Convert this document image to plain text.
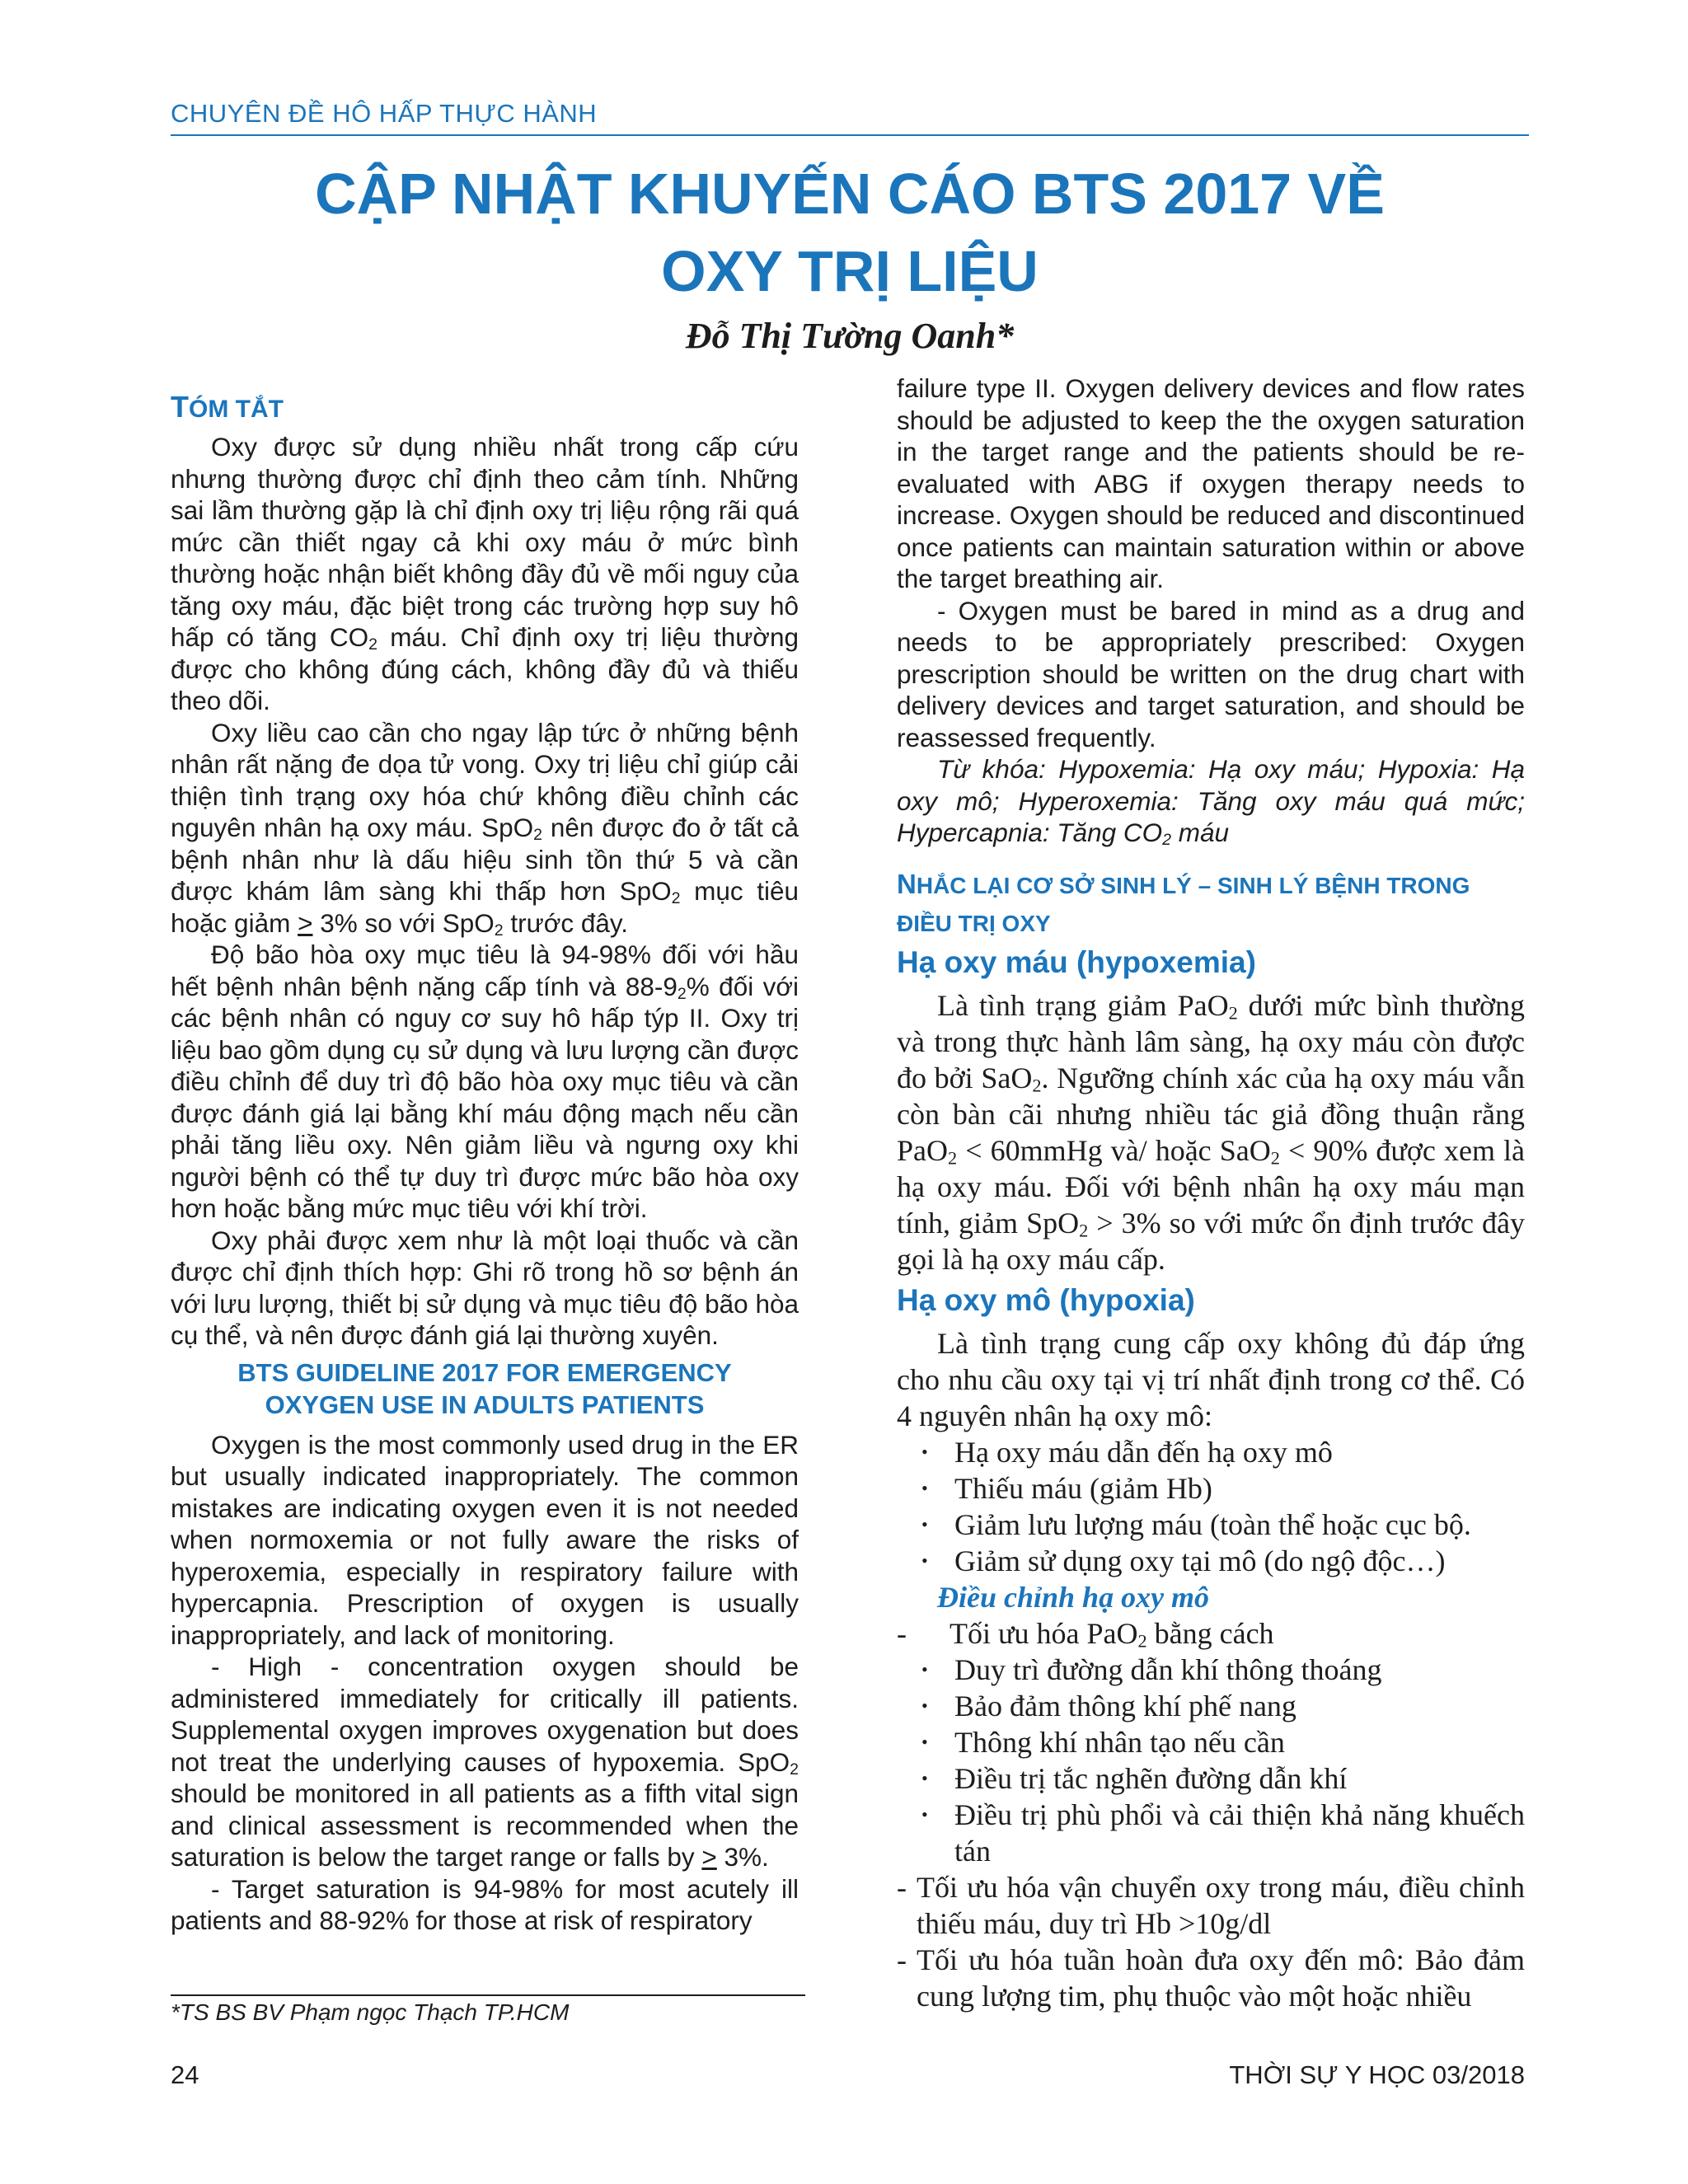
CHUYÊN ĐỀ HÔ HẤP THỰC HÀNH
CẬP NHẬT KHUYẾN CÁO BTS 2017 VỀ
OXY TRỊ LIỆU
Đỗ Thị Tường Oanh*
TÓM TẮT

Oxy được sử dụng nhiều nhất trong cấp cứu nhưng thường được chỉ định theo cảm tính. Những sai lầm thường gặp là chỉ định oxy trị liệu rộng rãi quá mức cần thiết ngay cả khi oxy máu ở mức bình thường hoặc nhận biết không đầy đủ về mối nguy của tăng oxy máu, đặc biệt trong các trường hợp suy hô hấp có tăng $CO_2$ máu. Chỉ định oxy trị liệu thường được cho không đúng cách, không đầy đủ và thiếu theo dõi.

Oxy liều cao cần cho ngay lập tức ở những bệnh nhân rất nặng đe dọa tử vong. Oxy trị liệu chỉ giúp cải thiện tình trạng oxy hóa chứ không điều chỉnh các nguyên nhân hạ oxy máu. SpO$_2$ nên được đo ở tất cả bệnh nhân như là dấu hiệu sinh tồn thứ 5 và cần được khám lâm sàng khi thấp hơn SpO$_2$ mục tiêu hoặc giảm ≥ 3% so với SpO$_2$ trước đây.

Độ bão hòa oxy mục tiêu là 94-98% đối với hầu hết bệnh nhân bệnh nặng cấp tính và $88-9_2\%$ đối với các bệnh nhân có nguy cơ suy hô hấp týp II. Oxy trị liệu bao gồm dụng cụ sử dụng và lưu lượng cần được điều chỉnh để duy trì độ bão hòa oxy mục tiêu và cần được đánh giá lại bằng khí máu động mạch nếu cần phải tăng liều oxy. Nên giảm liều và ngưng oxy khi người bệnh có thể tự duy trì được mức bão hòa oxy hơn hoặc bằng mức mục tiêu với khí trời.

Oxy phải được xem như là một loại thuốc và cần được chỉ định thích hợp: Ghi rõ trong hồ sơ bệnh án với lưu lượng, thiết bị sử dụng và mục tiêu độ bão hòa cụ thể, và nên được đánh giá lại thường xuyên.

BTS GUIDELINE 2017 FOR EMERGENCY
OXYGEN USE IN ADULTS PATIENTS

Oxygen is the most commonly used drug in the ER but usually indicated inappropriately. The common mistakes are indicating oxygen even it is not needed when normoxemia or not fully aware the risks of hyperoxemia, especially in respiratory failure with hypercapnia. Prescription of oxygen is usually inappropriately, and lack of monitoring.

- High - concentration oxygen should be administered immediately for critically ill patients. Supplemental oxygen improves oxygenation but does not treat the underlying causes of hypoxemia. SpO$_2$ should be monitored in all patients as a fifth vital sign and clinical assessment is recommended when the saturation is below the target range or falls by ≥ 3%.

- Target saturation is 94-98% for most acutely ill patients and 88-92% for those at risk of respiratory

*TS BS BV Phạm ngọc Thạch TP.HCM

failure type II. Oxygen delivery devices and flow rates should be adjusted to keep the the oxygen saturation in the target range and the patients should be re-evaluated with ABG if oxygen therapy needs to increase. Oxygen should be reduced and discontinued once patients can maintain saturation within or above the target breathing air.

- Oxygen must be bared in mind as a drug and needs to be appropriately prescribed: Oxygen prescription should be written on the drug chart with delivery devices and target saturation, and should be reassessed frequently.

Từ khóa: Hypoxemia: Hạ oxy máu; Hypoxia: Hạ oxy mô; Hyperoxemia: Tăng oxy máu quá mức; Hypercapnia: Tăng $CO_2$ máu

NHẮC LẠI CƠ SỞ SINH LÝ – SINH LÝ BỆNH TRONG
ĐIỀU TRỊ OXY
Hạ oxy máu (hypoxemia)

Là tình trạng giảm PaO$_2$ dưới mức bình thường và trong thực hành lâm sàng, hạ oxy máu còn được đo bởi SaO$_2$. Ngưỡng chính xác của hạ oxy máu vẫn còn bàn cãi nhưng nhiều tác giả đồng thuận rằng PaO$_2$ < 60mmHg và/ hoặc SaO$_2$ < 90% được xem là hạ oxy máu. Đối với bệnh nhân hạ oxy máu mạn tính, giảm SpO$_2$ > 3% so với mức ổn định trước đây gọi là hạ oxy máu cấp.

Hạ oxy mô (hypoxia)

Là tình trạng cung cấp oxy không đủ đáp ứng cho nhu cầu oxy tại vị trí nhất định trong cơ thể. Có 4 nguyên nhân hạ oxy mô:

• Hạ oxy máu dẫn đến hạ oxy mô
• Thiếu máu (giảm Hb)
• Giảm lưu lượng máu (toàn thể hoặc cục bộ.
• Giảm sử dụng oxy tại mô (do ngộ độc…)

Điều chỉnh hạ oxy mô

- Tối ưu hóa PaO$_2$ bằng cách

• Duy trì đường dẫn khí thông thoáng
• Bảo đảm thông khí phế nang
• Thông khí nhân tạo nếu cần
• Điều trị tắc nghẽn đường dẫn khí
• Điều trị phù phổi và cải thiện khả năng khuếch tán

- Tối ưu hóa vận chuyển oxy trong máu, điều chỉnh thiếu máu, duy trì Hb >10g/dl

- Tối ưu hóa tuần hoàn đưa oxy đến mô: Bảo đảm cung lượng tim, phụ thuộc vào một hoặc nhiều

24	THỜI SỰ Y HỌC 03/2018
